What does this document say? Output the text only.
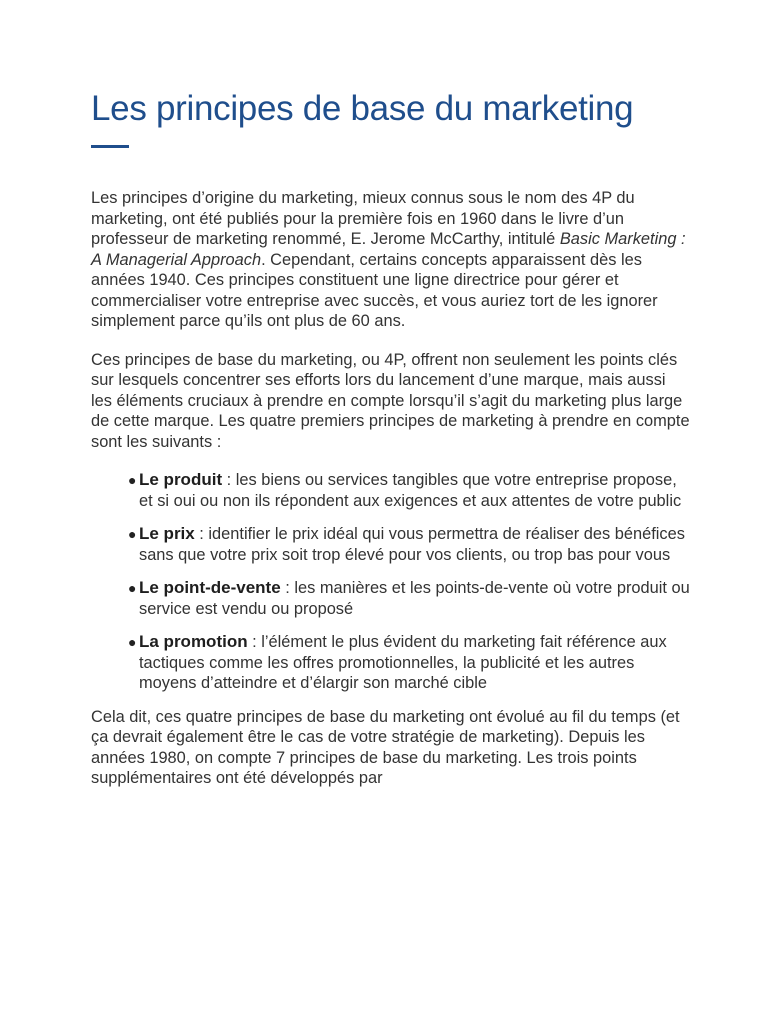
Les principes de base du marketing

Les principes d’origine du marketing, mieux connus sous le nom des 4P du marketing, ont été publiés pour la première fois en 1960 dans le livre d’un professeur de marketing renommé, E. Jerome McCarthy, intitulé Basic Marketing : A Managerial Approach. Cependant, certains concepts apparaissent dès les années 1940. Ces principes constituent une ligne directrice pour gérer et commercialiser votre entreprise avec succès, et vous auriez tort de les ignorer simplement parce qu’ils ont plus de 60 ans.

Ces principes de base du marketing, ou 4P, offrent non seulement les points clés sur lesquels concentrer ses efforts lors du lancement d’une marque, mais aussi les éléments cruciaux à prendre en compte lorsqu’il s’agit du marketing plus large de cette marque. Les quatre premiers principes de marketing à prendre en compte sont les suivants :

● Le produit : les biens ou services tangibles que votre entreprise propose, et si oui ou non ils répondent aux exigences et aux attentes de votre public
● Le prix : identifier le prix idéal qui vous permettra de réaliser des bénéfices sans que votre prix soit trop élevé pour vos clients, ou trop bas pour vous
● Le point-de-vente : les manières et les points-de-vente où votre produit ou service est vendu ou proposé
● La promotion : l’élément le plus évident du marketing fait référence aux tactiques comme les offres promotionnelles, la publicité et les autres moyens d’atteindre et d’élargir son marché cible

Cela dit, ces quatre principes de base du marketing ont évolué au fil du temps (et ça devrait également être le cas de votre stratégie de marketing). Depuis les années 1980, on compte 7 principes de base du marketing. Les trois points supplémentaires ont été développés par
